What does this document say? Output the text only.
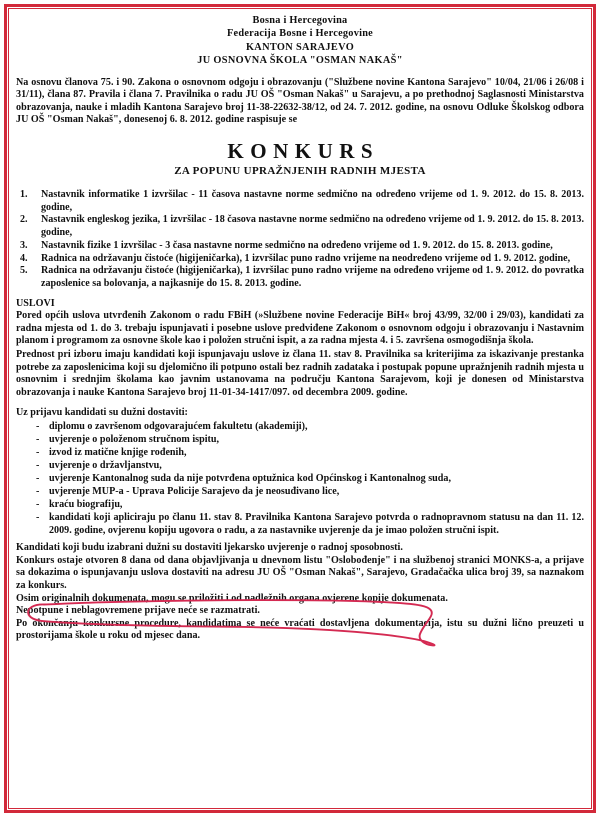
Bosna i Hercegovina
Federacija Bosne i Hercegovine
KANTON SARAJEVO
JU OSNOVNA ŠKOLA "OSMAN NAKAŠ"

Na osnovu članova 75. i 90. Zakona o osnovnom odgoju i obrazovanju ("Službene novine Kantona Sarajevo" 10/04, 21/06 i 26/08 i 31/11), člana 87. Pravila i člana 7. Pravilnika o radu JU OŠ "Osman Nakaš" u Sarajevu, a po prethodnoj Saglasnosti Ministarstva obrazovanja, nauke i mladih Kantona Sarajevo broj 11-38-22632-38/12, od 24. 7. 2012. godine, na osnovu Odluke Školskog odbora JU OŠ "Osman Nakaš", donesenoj 6. 8. 2012. godine raspisuje se

KONKURS
ZA POPUNU UPRAŽNJENIH RADNIH MJESTA
1.	Nastavnik informatike 1 izvršilac - 11 časova nastavne norme sedmično na određeno vrijeme od 1. 9. 2012. do 15. 8. 2013. godine,
2.	Nastavnik engleskog jezika, 1 izvršilac - 18 časova nastavne norme sedmično na određeno vrijeme od 1. 9. 2012. do 15. 8. 2013. godine,
3.	Nastavnik fizike 1 izvršilac - 3 časa nastavne norme sedmično na određeno vrijeme od 1. 9. 2012. do 15. 8. 2013. godine,
4.	Radnica na održavanju čistoće (higijeničarka), 1 izvršilac puno radno vrijeme na neodređeno vrijeme od 1. 9. 2012. godine,
5.	Radnica na održavanju čistoće (higijeničarka), 1 izvršilac puno radno vrijeme na određeno vrijeme od 1. 9. 2012. do povratka zaposlenice sa bolovanja, a najkasnije do 15. 8. 2013. godine.
USLOVI

Pored općih uslova utvrđenih Zakonom o radu FBiH (»Službene novine Federacije BiH« broj 43/99, 32/00 i 29/03), kandidati za radna mjesta od 1. do 3. trebaju ispunjavati i posebne uslove predviđene Zakonom o osnovnom odgoju i obrazovanju i Nastavnim planom i programom za osnovne škole kao i položen stručni ispit, a za radna mjesta 4. i 5. završena osmogodišnja škola.

Prednost pri izboru imaju kandidati koji ispunjavaju uslove iz člana 11. stav 8. Pravilnika sa kriterijima za iskazivanje prestanka potrebe za zaposlenicima koji su djelomično ili potpuno ostali bez radnih zadataka i postupak popune upražnjenih radnih mjesta u osnovnim i srednjim školama kao javnim ustanovama na području Kantona Sarajevom, koji je donesen od Ministarstva obrazovanja i nauke Kantona Sarajevo broj 11-01-34-1417/097. od decembra 2009. godine.

Uz prijavu kandidati su dužni dostaviti:
- diplomu o završenom odgovarajućem fakultetu (akademiji),
- uvjerenje o položenom stručnom ispitu,
- izvod iz matične knjige rođenih,
- uvjerenje o državljanstvu,
- uvjerenje Kantonalnog suda da nije potvrđena optužnica kod Općinskog i Kantonalnog suda,
- uvjerenje MUP-a - Uprava Policije Sarajevo da je neosuđivano lice,
- kraću biografiju,
- kandidati koji apliciraju po članu 11. stav 8. Pravilnika Kantona Sarajevo potvrda o radnopravnom statusu na dan 11. 12. 2009. godine, ovjerenu kopiju ugovora o radu, a za nastavnike uvjerenje da je imao položen stručni ispit.

Kandidati koji budu izabrani dužni su dostaviti ljekarsko uvjerenje o radnoj sposobnosti.

Konkurs ostaje otvoren 8 dana od dana objavljivanja u dnevnom listu "Oslobođenje" i na službenoj stranici MONKS-a, a prijave sa dokazima o ispunjavanju uslova dostaviti na adresu JU OŠ "Osman Nakaš", Sarajevo, Gradačačka ulica broj 39, sa naznakom za konkurs.

Osim originalnih dokumenata, mogu se priložiti i od nadležnih organa ovjerene kopije dokumenata.

Nepotpune i neblagovremene prijave neće se razmatrati.

Po okončanju konkursne procedure, kandidatima se neće vraćati dostavljena dokumentacija, istu su dužni lično preuzeti u prostorijama škole u roku od mjesec dana.
